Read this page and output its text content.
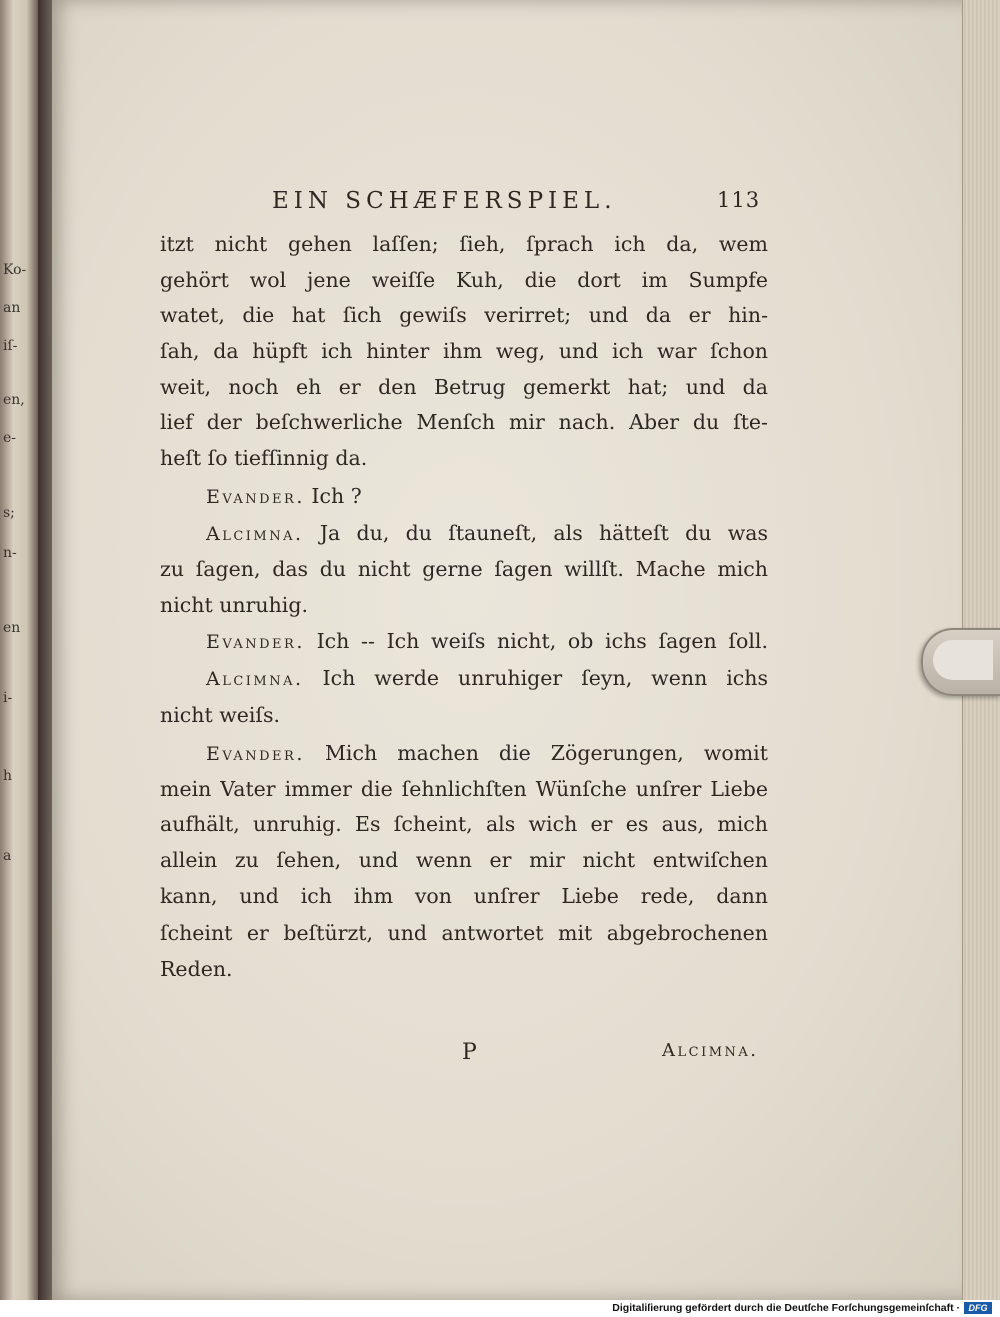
Ko-
an
iſ-
en,
e-
s;
n-
en
i-
h
a
EIN SCHÆFERSPIEL.	113
itzt nicht gehen laſſen; ſieh, ſprach ich da, wem
gehört wol jene weiſſe Kuh, die dort im Sumpfe
watet, die hat ſich gewiſs verirret; und da er hin-
ſah, da hüpft ich hinter ihm weg, und ich war ſchon
weit, noch eh er den Betrug gemerkt hat; und da
lief der beſchwerliche Menſch mir nach. Aber du ſte-
heſt ſo tiefſinnig da.
Evander. Ich ?
Alcimna. Ja du, du ſtauneſt, als hätteſt du was
zu ſagen, das du nicht gerne ſagen willſt. Mache mich
nicht unruhig.
Evander. Ich -- Ich weiſs nicht, ob ichs ſagen ſoll.
Alcimna. Ich werde unruhiger ſeyn, wenn ichs
nicht weiſs.
Evander. Mich machen die Zögerungen, womit
mein Vater immer die ſehnlichſten Wünſche unſrer Liebe
aufhält, unruhig. Es ſcheint, als wich er es aus, mich
allein zu ſehen, und wenn er mir nicht entwiſchen
kann, und ich ihm von unſrer Liebe rede, dann
ſcheint er beſtürzt, und antwortet mit abgebrochenen
Reden.
P	Alcimna.
Digitaliſierung gefördert durch die Deutſche Forſchungsgemeinſchaft · DFG
